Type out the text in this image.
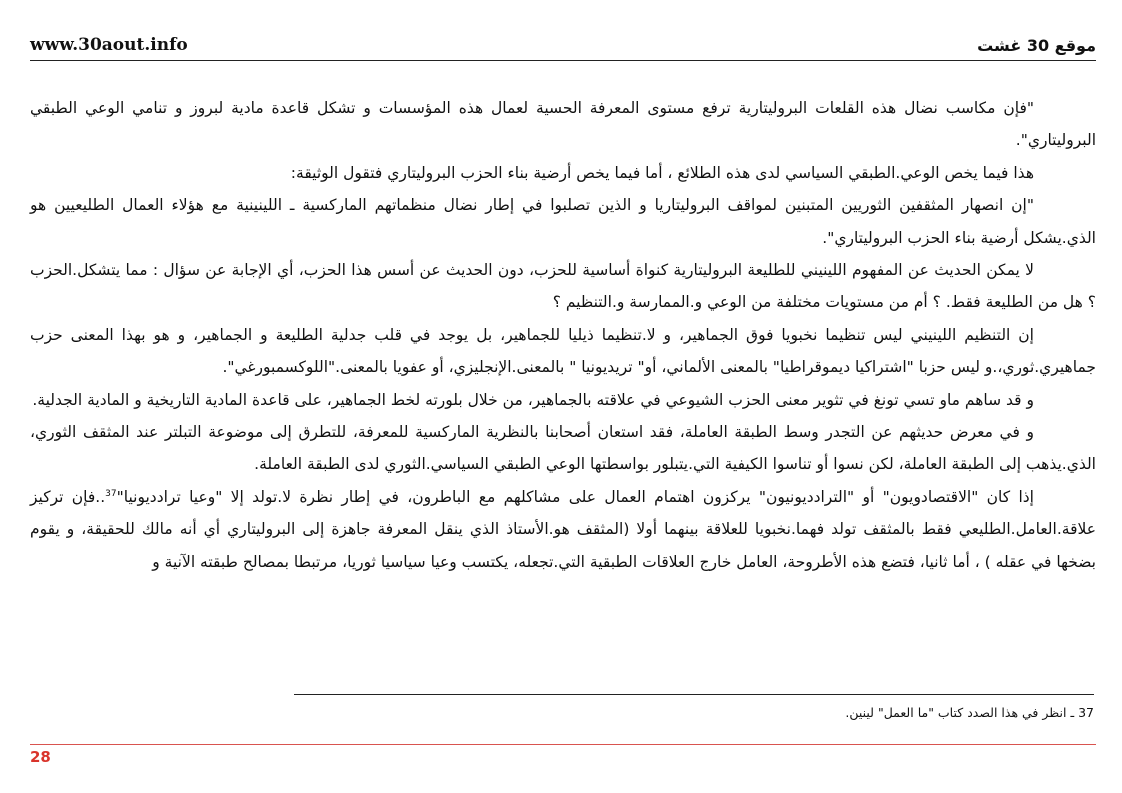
www.30aout.info	موقع 30 غشت

"فإن مكاسب نضال هذه القلعات البروليتارية ترفع مستوى المعرفة الحسية لعمال هذه المؤسسات و تشكل قاعدة مادية لبروز و تنامي الوعي الطبقي البروليتاري".

هذا فيما يخص الوعي.الطبقي السياسي لدى هذه الطلائع ، أما فيما يخص أرضية بناء الحزب البروليتاري فتقول الوثيقة:

"إن انصهار المثقفين الثوريين المتبنين لمواقف البروليتاريا و الذين تصلبوا في إطار نضال منظماتهم الماركسية ـ اللينينية مع هؤلاء العمال الطليعيين هو الذي.يشكل أرضية بناء الحزب البروليتاري".

لا يمكن الحديث عن المفهوم اللينيني للطليعة البروليتارية كنواة أساسية للحزب، دون الحديث عن أسس هذا الحزب، أي الإجابة عن سؤال : مما يتشكل.الحزب ؟ هل من الطليعة فقط. ؟ أم من مستويات مختلفة من الوعي و.الممارسة و.التنظيم ؟

إن التنظيم اللينيني ليس تنظيما نخبويا فوق الجماهير، و لا.تنظيما ذيليا للجماهير، بل يوجد في قلب جدلية الطليعة و الجماهير، و هو بهذا المعنى حزب جماهيري.ثوري،.و ليس حزبا "اشتراكيا ديموقراطيا" بالمعنى الألماني، أو" تريديونيا " بالمعنى.الإنجليزي، أو عفويا بالمعنى."اللوكسمبورغي".

و قد ساهم ماو تسي تونغ في تثوير معنى الحزب الشيوعي في علاقته بالجماهير، من خلال بلورته لخط الجماهير، على قاعدة المادية التاريخية و المادية الجدلية.

و في معرض حديثهم عن التجدر وسط الطبقة العاملة، فقد استعان أصحابنا بالنظرية الماركسية للمعرفة، للتطرق إلى موضوعة التبلتر عند المثقف الثوري، الذي.يذهب إلى الطبقة العاملة، لكن نسوا أو تناسوا الكيفية التي.يتبلور بواسطتها الوعي الطبقي السياسي.الثوري لدى الطبقة العاملة.

إذا كان "الاقتصادويون" أو "الترادديونيون" يركزون اهتمام العمال على مشاكلهم مع الباطرون، في إطار نظرة لا.تولد إلا "وعيا ترادديونيا"$^{37}$..فإن تركيز علاقة.العامل.الطليعي فقط بالمثقف تولد فهما.نخبويا للعلاقة بينهما أولا (المثقف هو.الأستاذ الذي ينقل المعرفة جاهزة إلى البروليتاري أي أنه مالك للحقيقة، و يقوم بضخها في عقله ) ، أما ثانيا، فتضع هذه الأطروحة، العامل خارج العلاقات الطبقية التي.تجعله، يكتسب وعيا سياسيا ثوريا، مرتبطا بمصالح طبقته الآنية و

37 ـ انظر في هذا الصدد كتاب "ما العمل" لينين.
28
